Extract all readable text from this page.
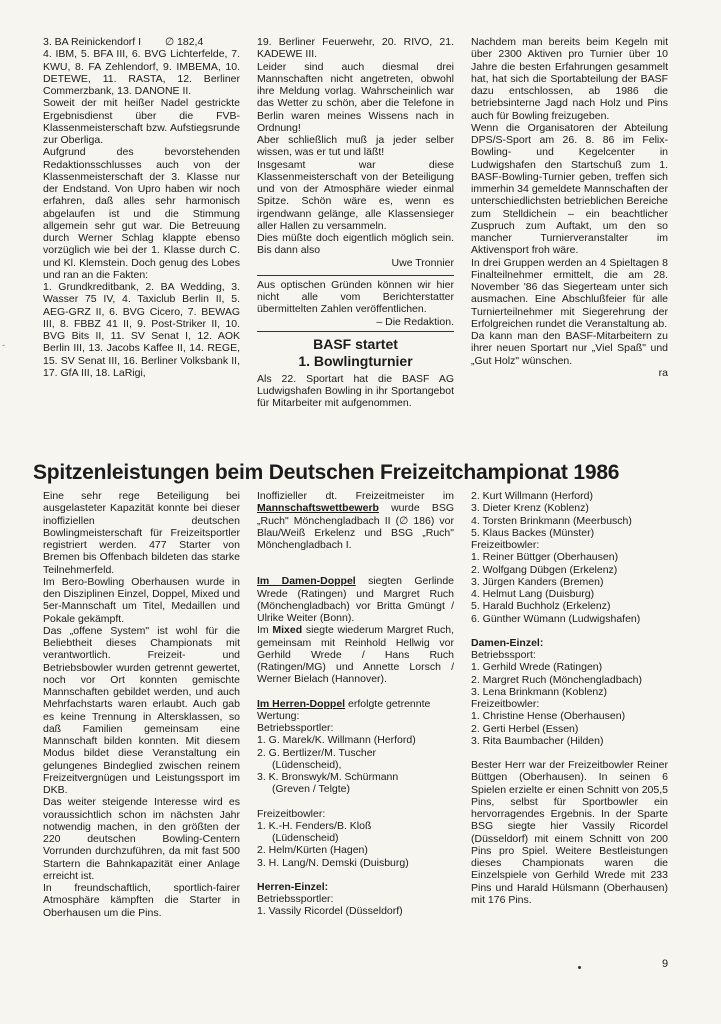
-

3. BA Reinickendorf I   ∅ 182,4

4. IBM, 5. BFA III, 6. BVG Lichterfelde, 7. KWU, 8. FA Zehlendorf, 9. IMBEMA, 10. DETEWE, 11. RASTA, 12. Berliner Commerzbank, 13. DANONE II.

Soweit der mit heißer Nadel gestrickte Ergebnisdienst über die FVB-Klassenmeisterschaft bzw. Aufstiegsrunde zur Oberliga.

Aufgrund des bevorstehenden Redaktionsschlusses auch von der Klassenmeisterschaft der 3. Klasse nur der Endstand. Von Upro haben wir noch erfahren, daß alles sehr harmonisch abgelaufen ist und die Stimmung allgemein sehr gut war. Die Betreuung durch Werner Schlag klappte ebenso vorzüglich wie bei der 1. Klasse durch C. und Kl. Klemstein. Doch genug des Lobes und ran an die Fakten:

1. Grundkreditbank, 2. BA Wedding, 3. Wasser 75 IV, 4. Taxiclub Berlin II, 5. AEG-GRZ II, 6. BVG Cicero, 7. BEWAG III, 8. FBBZ 41 II, 9. Post-Striker II, 10. BVG Bits II, 11. SV Senat I, 12. AOK Berlin III, 13. Jacobs Kaffee II, 14. REGE, 15. SV Senat III, 16. Berliner Volksbank II, 17. GfA III, 18. LaRigi,

19. Berliner Feuerwehr, 20. RIVO, 21. KADEWE III.

Leider sind auch diesmal drei Mannschaften nicht angetreten, obwohl ihre Meldung vorlag. Wahrscheinlich war das Wetter zu schön, aber die Telefone in Berlin waren meines Wissens nach in Ordnung!

Aber schließlich muß ja jeder selber wissen, was er tut und läßt!

Insgesamt war diese Klassenmeisterschaft von der Beteiligung und von der Atmosphäre wieder einmal Spitze. Schön wäre es, wenn es irgendwann gelänge, alle Klassensieger aller Hallen zu versammeln.

Dies müßte doch eigentlich möglich sein. Bis dann also

Uwe Tronnier

Aus optischen Gründen können wir hier nicht alle vom Berichterstatter übermittelten Zahlen veröffentlichen.

– Die Redaktion.

BASF startet
1. Bowlingturnier

Als 22. Sportart hat die BASF AG Ludwigshafen Bowling in ihr Sportangebot für Mitarbeiter mit aufgenommen.

Nachdem man bereits beim Kegeln mit über 2300 Aktiven pro Turnier über 10 Jahre die besten Erfahrungen gesammelt hat, hat sich die Sportabteilung der BASF dazu entschlossen, ab 1986 die betriebsinterne Jagd nach Holz und Pins auch für Bowling freizugeben.

Wenn die Organisatoren der Abteilung DPS/S-Sport am 26. 8. 86 im Felix-Bowling- und Kegelcenter in Ludwigshafen den Startschuß zum 1. BASF-Bowling-Turnier geben, treffen sich immerhin 34 gemeldete Mannschaften der unterschiedlichsten betrieblichen Bereiche zum Stelldichein – ein beachtlicher Zuspruch zum Auftakt, um den so mancher Turnierveranstalter im Aktivensport froh wäre.

In drei Gruppen werden an 4 Spieltagen 8 Finalteilnehmer ermittelt, die am 28. November '86 das Siegerteam unter sich ausmachen. Eine Abschlußfeier für alle Turnierteilnehmer mit Siegerehrung der Erfolgreichen rundet die Veranstaltung ab.

Da kann man den BASF-Mitarbeitern zu ihrer neuen Sportart nur „Viel Spaß" und „Gut Holz" wünschen.

ra

Spitzenleistungen beim Deutschen Freizeitchampionat 1986

Eine sehr rege Beteiligung bei ausgelasteter Kapazität konnte bei dieser inoffiziellen deutschen Bowlingmeisterschaft für Freizeitsportler registriert werden. 477 Starter von Bremen bis Offenbach bildeten das starke Teilnehmerfeld.

Im Bero-Bowling Oberhausen wurde in den Disziplinen Einzel, Doppel, Mixed und 5er-Mannschaft um Titel, Medaillen und Pokale gekämpft.

Das „offene System" ist wohl für die Beliebtheit dieses Championats mit verantwortlich. Freizeit- und Betriebsbowler wurden getrennt gewertet, noch vor Ort konnten gemischte Mannschaften gebildet werden, und auch Mehrfachstarts waren erlaubt. Auch gab es keine Trennung in Altersklassen, so daß Familien gemeinsam eine Mannschaft bilden konnten. Mit diesem Modus bildet diese Veranstaltung ein gelungenes Bindeglied zwischen reinem Freizeitvergnügen und Leistungssport im DKB.

Das weiter steigende Interesse wird es voraussichtlich schon im nächsten Jahr notwendig machen, in den größten der 220 deutschen Bowling-Centern Vorrunden durchzuführen, da mit fast 500 Startern die Bahnkapazität einer Anlage erreicht ist.

In freundschaftlich, sportlich-fairer Atmosphäre kämpften die Starter in Oberhausen um die Pins.

Inoffizieller dt. Freizeitmeister im Mannschaftswettbewerb wurde BSG „Ruch" Mönchengladbach II (∅ 186) vor Blau/Weiß Erkelenz und BSG „Ruch" Mönchengladbach I.

Im Damen-Doppel siegten Gerlinde Wrede (Ratingen) und Margret Ruch (Mönchengladbach) vor Britta Gmüngt / Ulrike Weiter (Bonn).

Im Mixed siegte wiederum Margret Ruch, gemeinsam mit Reinhold Hellwig vor Gerhild Wrede / Hans Ruch (Ratingen/MG) und Annette Lorsch / Werner Bielach (Hannover).

Im Herren-Doppel erfolgte getrennte Wertung:

Betriebssportler:

1. G. Marek/K. Willmann (Herford)

2. G. Bertlizer/M. Tuscher

(Lüdenscheid),

3. K. Bronswyk/M. Schürmann

(Greven / Telgte)

Freizeitbowler:

1. K.-H. Fenders/B. Kloß

(Lüdenscheid)

2. Helm/Kürten (Hagen)

3. H. Lang/N. Demski (Duisburg)

Herren-Einzel:

Betriebssportler:

1. Vassily Ricordel (Düsseldorf)

2. Kurt Willmann (Herford)

3. Dieter Krenz (Koblenz)

4. Torsten Brinkmann (Meerbusch)

5. Klaus Backes (Münster)

Freizeitbowler:

1. Reiner Büttger (Oberhausen)

2. Wolfgang Dübgen (Erkelenz)

3. Jürgen Kanders (Bremen)

4. Helmut Lang (Duisburg)

5. Harald Buchholz (Erkelenz)

6. Günther Wümann (Ludwigshafen)

Damen-Einzel:

Betriebssport:

1. Gerhild Wrede (Ratingen)

2. Margret Ruch (Mönchengladbach)

3. Lena Brinkmann (Koblenz)

Freizeitbowler:

1. Christine Hense (Oberhausen)

2. Gerti Herbel (Essen)

3. Rita Baumbacher (Hilden)

Bester Herr war der Freizeitbowler Reiner Büttgen (Oberhausen). In seinen 6 Spielen erzielte er einen Schnitt von 205,5 Pins, selbst für Sportbowler ein hervorragendes Ergebnis. In der Sparte BSG siegte hier Vassily Ricordel (Düsseldorf) mit einem Schnitt von 200 Pins pro Spiel. Weitere Bestleistungen dieses Championats waren die Einzelspiele von Gerhild Wrede mit 233 Pins und Harald Hülsmann (Oberhausen) mit 176 Pins.

9
